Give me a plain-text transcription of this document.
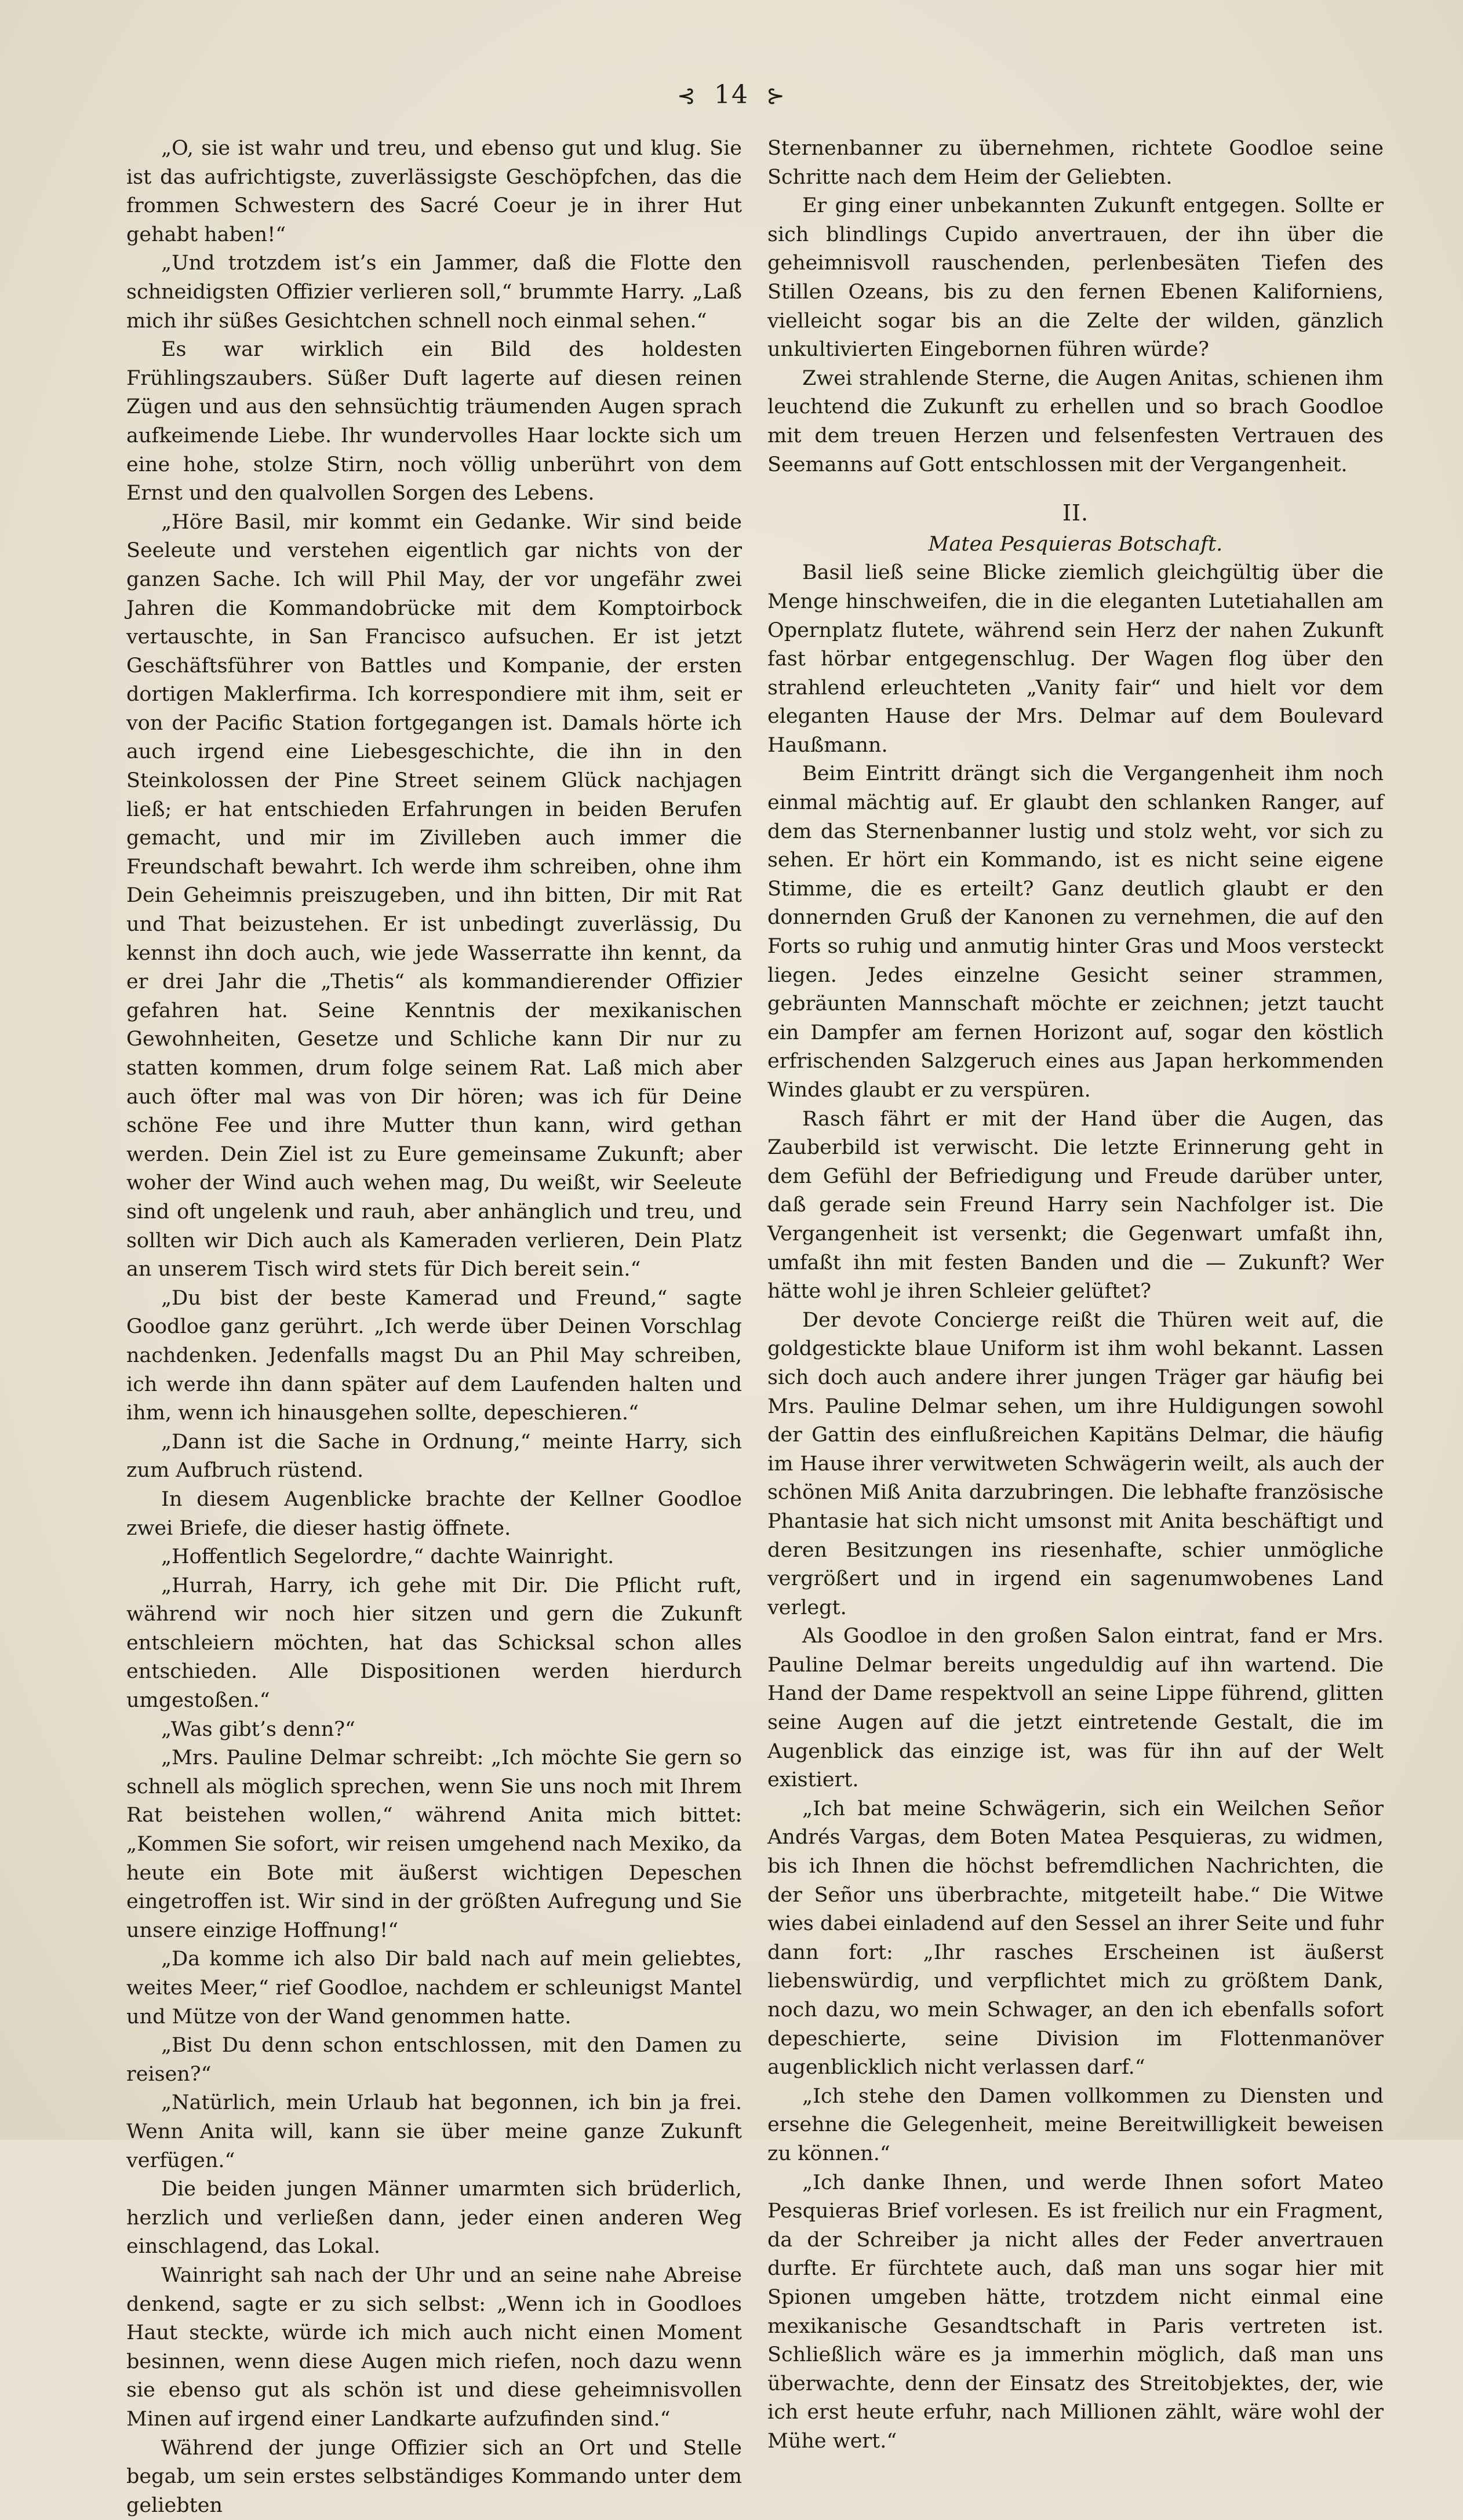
⊰ 14 ⊱

„O, sie ist wahr und treu, und ebenso gut und klug. Sie ist das aufrichtigste, zuverlässigste Geschöpfchen, das die frommen Schwestern des Sacré Coeur je in ihrer Hut gehabt haben!“

„Und trotzdem ist’s ein Jammer, daß die Flotte den schneidigsten Offizier verlieren soll,“ brummte Harry. „Laß mich ihr süßes Gesichtchen schnell noch einmal sehen.“

Es war wirklich ein Bild des holdesten Frühlingszaubers. Süßer Duft lagerte auf diesen reinen Zügen und aus den sehnsüchtig träumenden Augen sprach aufkeimende Liebe. Ihr wundervolles Haar lockte sich um eine hohe, stolze Stirn, noch völlig unberührt von dem Ernst und den qualvollen Sorgen des Lebens.

„Höre Basil, mir kommt ein Gedanke. Wir sind beide Seeleute und verstehen eigentlich gar nichts von der ganzen Sache. Ich will Phil May, der vor ungefähr zwei Jahren die Kommandobrücke mit dem Komptoirbock vertauschte, in San Francisco aufsuchen. Er ist jetzt Geschäftsführer von Battles und Kompanie, der ersten dortigen Maklerfirma. Ich korrespondiere mit ihm, seit er von der Pacific Station fortgegangen ist. Damals hörte ich auch irgend eine Liebesgeschichte, die ihn in den Steinkolossen der Pine Street seinem Glück nachjagen ließ; er hat entschieden Erfahrungen in beiden Berufen gemacht, und mir im Zivilleben auch immer die Freundschaft bewahrt. Ich werde ihm schreiben, ohne ihm Dein Geheimnis preiszugeben, und ihn bitten, Dir mit Rat und That beizustehen. Er ist unbedingt zuverlässig, Du kennst ihn doch auch, wie jede Wasserratte ihn kennt, da er drei Jahr die „Thetis“ als kommandierender Offizier gefahren hat. Seine Kenntnis der mexikanischen Gewohnheiten, Gesetze und Schliche kann Dir nur zu statten kommen, drum folge seinem Rat. Laß mich aber auch öfter mal was von Dir hören; was ich für Deine schöne Fee und ihre Mutter thun kann, wird gethan werden. Dein Ziel ist zu Eure gemeinsame Zukunft; aber woher der Wind auch wehen mag, Du weißt, wir Seeleute sind oft ungelenk und rauh, aber anhänglich und treu, und sollten wir Dich auch als Kameraden verlieren, Dein Platz an unserem Tisch wird stets für Dich bereit sein.“

„Du bist der beste Kamerad und Freund,“ sagte Goodloe ganz gerührt. „Ich werde über Deinen Vorschlag nachdenken. Jedenfalls magst Du an Phil May schreiben, ich werde ihn dann später auf dem Laufenden halten und ihm, wenn ich hinausgehen sollte, depeschieren.“

„Dann ist die Sache in Ordnung,“ meinte Harry, sich zum Aufbruch rüstend.

In diesem Augenblicke brachte der Kellner Goodloe zwei Briefe, die dieser hastig öffnete.

„Hoffentlich Segelordre,“ dachte Wainright.

„Hurrah, Harry, ich gehe mit Dir. Die Pflicht ruft, während wir noch hier sitzen und gern die Zukunft entschleiern möchten, hat das Schicksal schon alles entschieden. Alle Dispositionen werden hierdurch umgestoßen.“

„Was gibt’s denn?“

„Mrs. Pauline Delmar schreibt: „Ich möchte Sie gern so schnell als möglich sprechen, wenn Sie uns noch mit Ihrem Rat beistehen wollen,“ während Anita mich bittet: „Kommen Sie sofort, wir reisen umgehend nach Mexiko, da heute ein Bote mit äußerst wichtigen Depeschen eingetroffen ist. Wir sind in der größten Aufregung und Sie unsere einzige Hoffnung!“

„Da komme ich also Dir bald nach auf mein geliebtes, weites Meer,“ rief Goodloe, nachdem er schleunigst Mantel und Mütze von der Wand genommen hatte.

„Bist Du denn schon entschlossen, mit den Damen zu reisen?“

„Natürlich, mein Urlaub hat begonnen, ich bin ja frei. Wenn Anita will, kann sie über meine ganze Zukunft verfügen.“

Die beiden jungen Männer umarmten sich brüderlich, herzlich und verließen dann, jeder einen anderen Weg einschlagend, das Lokal.

Wainright sah nach der Uhr und an seine nahe Abreise denkend, sagte er zu sich selbst: „Wenn ich in Goodloes Haut steckte, würde ich mich auch nicht einen Moment besinnen, wenn diese Augen mich riefen, noch dazu wenn sie ebenso gut als schön ist und diese geheimnisvollen Minen auf irgend einer Landkarte aufzufinden sind.“

Während der junge Offizier sich an Ort und Stelle begab, um sein erstes selbständiges Kommando unter dem geliebten

Sternenbanner zu übernehmen, richtete Goodloe seine Schritte nach dem Heim der Geliebten.

Er ging einer unbekannten Zukunft entgegen. Sollte er sich blindlings Cupido anvertrauen, der ihn über die geheimnisvoll rauschenden, perlenbesäten Tiefen des Stillen Ozeans, bis zu den fernen Ebenen Kaliforniens, vielleicht sogar bis an die Zelte der wilden, gänzlich unkultivierten Eingebornen führen würde?

Zwei strahlende Sterne, die Augen Anitas, schienen ihm leuchtend die Zukunft zu erhellen und so brach Goodloe mit dem treuen Herzen und felsenfesten Vertrauen des Seemanns auf Gott entschlossen mit der Vergangenheit.

II.
Matea Pesquieras Botschaft.

Basil ließ seine Blicke ziemlich gleichgültig über die Menge hinschweifen, die in die eleganten Lutetiahallen am Opernplatz flutete, während sein Herz der nahen Zukunft fast hörbar entgegenschlug. Der Wagen flog über den strahlend erleuchteten „Vanity fair“ und hielt vor dem eleganten Hause der Mrs. Delmar auf dem Boulevard Haußmann.

Beim Eintritt drängt sich die Vergangenheit ihm noch einmal mächtig auf. Er glaubt den schlanken Ranger, auf dem das Sternenbanner lustig und stolz weht, vor sich zu sehen. Er hört ein Kommando, ist es nicht seine eigene Stimme, die es erteilt? Ganz deutlich glaubt er den donnernden Gruß der Kanonen zu vernehmen, die auf den Forts so ruhig und anmutig hinter Gras und Moos versteckt liegen. Jedes einzelne Gesicht seiner strammen, gebräunten Mannschaft möchte er zeichnen; jetzt taucht ein Dampfer am fernen Horizont auf, sogar den köstlich erfrischenden Salzgeruch eines aus Japan herkommenden Windes glaubt er zu verspüren.

Rasch fährt er mit der Hand über die Augen, das Zauberbild ist verwischt. Die letzte Erinnerung geht in dem Gefühl der Befriedigung und Freude darüber unter, daß gerade sein Freund Harry sein Nachfolger ist. Die Vergangenheit ist versenkt; die Gegenwart umfaßt ihn, umfaßt ihn mit festen Banden und die — Zukunft? Wer hätte wohl je ihren Schleier gelüftet?

Der devote Concierge reißt die Thüren weit auf, die goldgestickte blaue Uniform ist ihm wohl bekannt. Lassen sich doch auch andere ihrer jungen Träger gar häufig bei Mrs. Pauline Delmar sehen, um ihre Huldigungen sowohl der Gattin des einflußreichen Kapitäns Delmar, die häufig im Hause ihrer verwitweten Schwägerin weilt, als auch der schönen Miß Anita darzubringen. Die lebhafte französische Phantasie hat sich nicht umsonst mit Anita beschäftigt und deren Besitzungen ins riesenhafte, schier unmögliche vergrößert und in irgend ein sagenumwobenes Land verlegt.

Als Goodloe in den großen Salon eintrat, fand er Mrs. Pauline Delmar bereits ungeduldig auf ihn wartend. Die Hand der Dame respektvoll an seine Lippe führend, glitten seine Augen auf die jetzt eintretende Gestalt, die im Augenblick das einzige ist, was für ihn auf der Welt existiert.

„Ich bat meine Schwägerin, sich ein Weilchen Señor Andrés Vargas, dem Boten Matea Pesquieras, zu widmen, bis ich Ihnen die höchst befremdlichen Nachrichten, die der Señor uns überbrachte, mitgeteilt habe.“ Die Witwe wies dabei einladend auf den Sessel an ihrer Seite und fuhr dann fort: „Ihr rasches Erscheinen ist äußerst liebenswürdig, und verpflichtet mich zu größtem Dank, noch dazu, wo mein Schwager, an den ich ebenfalls sofort depeschierte, seine Division im Flottenmanöver augenblicklich nicht verlassen darf.“

„Ich stehe den Damen vollkommen zu Diensten und ersehne die Gelegenheit, meine Bereitwilligkeit beweisen zu können.“

„Ich danke Ihnen, und werde Ihnen sofort Mateo Pesquieras Brief vorlesen. Es ist freilich nur ein Fragment, da der Schreiber ja nicht alles der Feder anvertrauen durfte. Er fürchtete auch, daß man uns sogar hier mit Spionen umgeben hätte, trotzdem nicht einmal eine mexikanische Gesandtschaft in Paris vertreten ist. Schließlich wäre es ja immerhin möglich, daß man uns überwachte, denn der Einsatz des Streitobjektes, der, wie ich erst heute erfuhr, nach Millionen zählt, wäre wohl der Mühe wert.“
